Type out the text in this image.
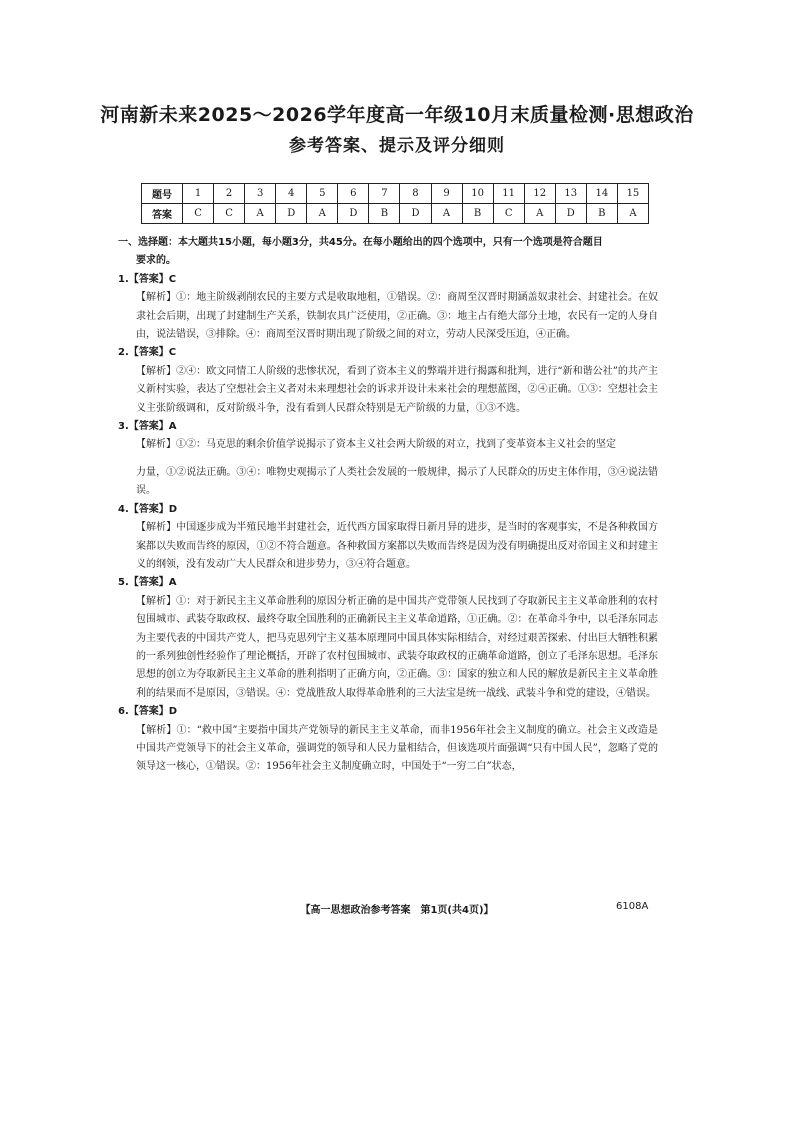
河南新未来2025～2026学年度高一年级10月末质量检测·思想政治
参考答案、提示及评分细则
题号	1	2	3	4	5	6	7	8	9	10	11	12	13	14	15
答案	C	C	A	D	A	D	B	D	A	B	C	A	D	B	A

一、选择题：本大题共15小题，每小题3分，共45分。在每小题给出的四个选项中，只有一个选项是符合题目

要求的。

1.【答案】C

【解析】①：地主阶级剥削农民的主要方式是收取地租，①错误。②：商周至汉晋时期涵盖奴隶社会、封建社会。在奴隶社会后期，出现了封建制生产关系，铁制农具广泛使用，②正确。③：地主占有绝大部分土地，农民有一定的人身自由，说法错误，③排除。④：商周至汉晋时期出现了阶级之间的对立，劳动人民深受压迫，④正确。

2.【答案】C

【解析】②④：欧文同情工人阶级的悲惨状况，看到了资本主义的弊端并进行揭露和批判，进行“新和谐公社”的共产主义新村实验，表达了空想社会主义者对未来理想社会的诉求并设计未来社会的理想蓝图，②④正确。①③：空想社会主义主张阶级调和，反对阶级斗争，没有看到人民群众特别是无产阶级的力量，①③不选。

3.【答案】A

【解析】①②：马克思的剩余价值学说揭示了资本主义社会两大阶级的对立，找到了变革资本主义社会的坚定

力量，①②说法正确。③④：唯物史观揭示了人类社会发展的一般规律，揭示了人民群众的历史主体作用，③④说法错误。

4.【答案】D

【解析】中国逐步成为半殖民地半封建社会，近代西方国家取得日新月异的进步，是当时的客观事实，不是各种救国方案都以失败而告终的原因，①②不符合题意。各种救国方案都以失败而告终是因为没有明确提出反对帝国主义和封建主义的纲领，没有发动广大人民群众和进步势力，③④符合题意。

5.【答案】A

【解析】①：对于新民主主义革命胜利的原因分析正确的是中国共产党带领人民找到了夺取新民主主义革命胜利的农村包围城市、武装夺取政权、最终夺取全国胜利的正确新民主主义革命道路，①正确。②：在革命斗争中，以毛泽东同志为主要代表的中国共产党人，把马克思列宁主义基本原理同中国具体实际相结合，对经过艰苦探索、付出巨大牺牲积累的一系列独创性经验作了理论概括，开辟了农村包围城市、武装夺取政权的正确革命道路，创立了毛泽东思想。毛泽东思想的创立为夺取新民主主义革命的胜利指明了正确方向，②正确。③：国家的独立和人民的解放是新民主主义革命胜利的结果而不是原因，③错误。④：党战胜敌人取得革命胜利的三大法宝是统一战线、武装斗争和党的建设，④错误。

6.【答案】D

【解析】①：“救中国”主要指中国共产党领导的新民主主义革命，而非1956年社会主义制度的确立。社会主义改造是中国共产党领导下的社会主义革命，强调党的领导和人民力量相结合，但该选项片面强调“只有中国人民”，忽略了党的领导这一核心，①错误。②：1956年社会主义制度确立时，中国处于“一穷二白”状态，

【高一思想政治参考答案　第1页(共4页)】	6108A
